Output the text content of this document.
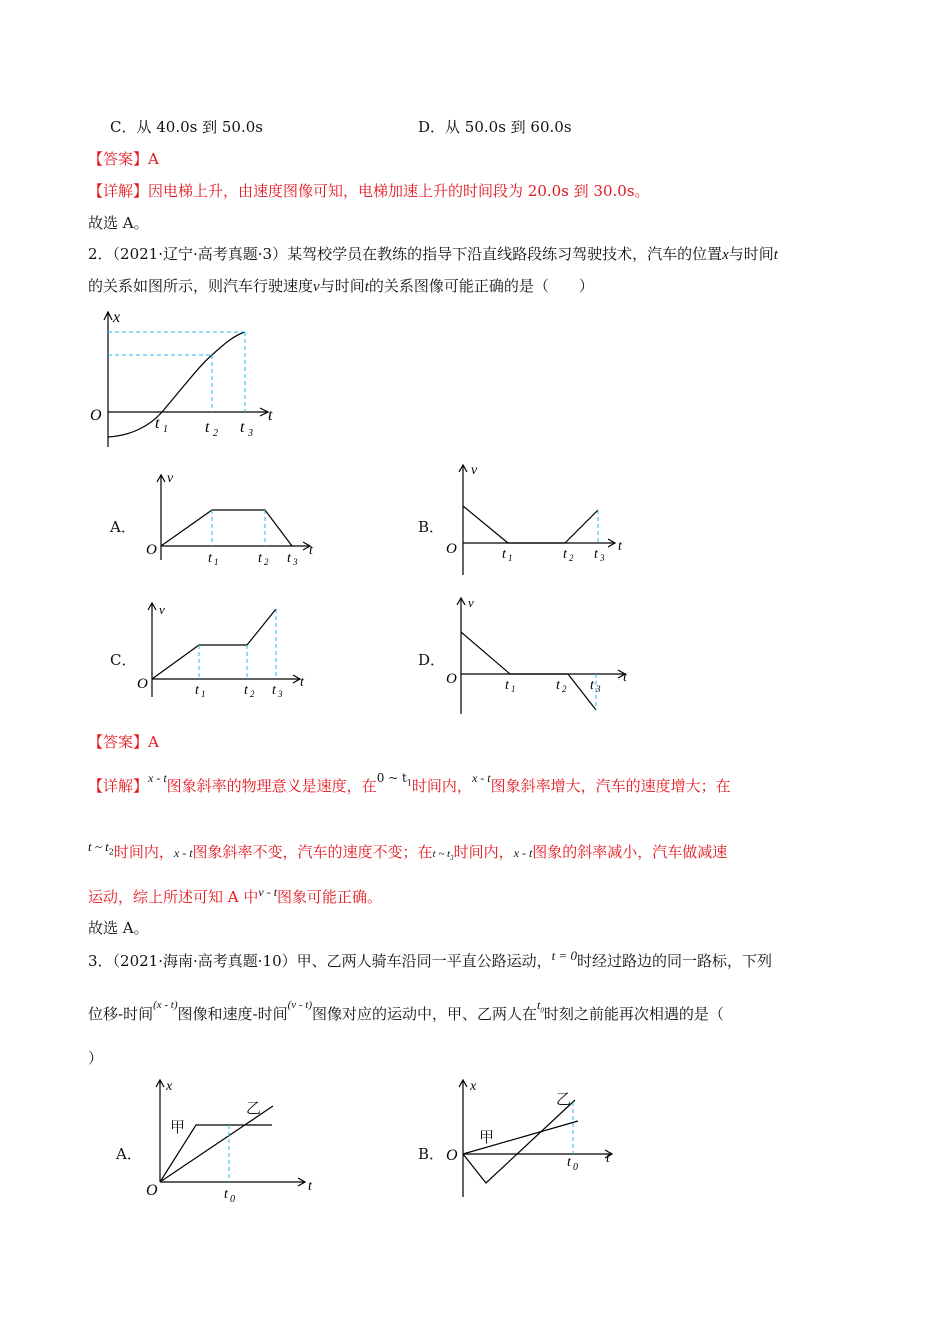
C．从 40.0s 到 50.0s	D．从 50.0s 到 60.0s
【答案】A
【详解】因电梯上升，由速度图像可知，电梯加速上升的时间段为 20.0s 到 30.0s。
故选 A。
2．（2021·辽宁·高考真题·3）某驾校学员在教练的指导下沿直线路段练习驾驶技术，汽车的位置x与时间t
的关系如图所示，则汽车行驶速度v与时间t的关系图像可能正确的是（　　）
x
t
O	t 1 t 2 t 3
v
t
O
t 1	t 2 t 3
v
t
O	t 1	t 2 t 3
v
t
O	t 1	t 2 t 3
v
t
O	t 1	t 2 t 3
x
t
O	t 0
x
t
O	t 0
A．	B．
C．	D．
【答案】A
【详解】$^{x - t}$图象斜率的物理意义是速度，在$^{0 \sim t_1}$时间内，$^{x - t}$图象斜率增大，汽车的速度增大；在
t ~ $t_2$时间内，x - t图象斜率不变，汽车的速度不变；在t ~ $t_3$时间内，x - t图象的斜率减小，汽车做减速
运动，综上所述可知 A 中$^{v - t}$图象可能正确。
故选 A。
3．（2021·海南·高考真题·10）甲、乙两人骑车沿同一平直公路运动，t = 0时经过路边的同一路标，下列
位移-时间$^{(x - t)}$图像和速度-时间$^{(v - t)}$图像对应的运动中，甲、乙两人在$^{t_0}$时刻之前能再次相遇的是（
）
A．	B．
甲
乙
甲
乙
